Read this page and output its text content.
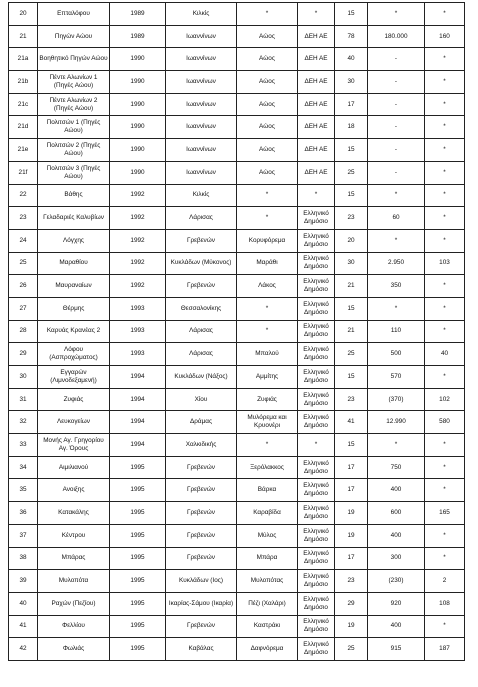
20	Επταλόφου	1989	Κιλκίς	*	*	15	*	*
21	Πηγών Αώου	1989	Ιωαννίνων	Αώος	ΔΕΗ ΑΕ	78	180.000	160
21a	Βοηθητικό Πηγών Αώου	1990	Ιωαννίνων	Αώος	ΔΕΗ ΑΕ	40	-	*
21b	Πέντε Αλωνίων 1 (Πηγές Αώου)	1990	Ιωαννίνων	Αώος	ΔΕΗ ΑΕ	30	-	*
21c	Πέντε Αλωνίων 2 (Πηγές Αώου)	1990	Ιωαννίνων	Αώος	ΔΕΗ ΑΕ	17	-	*
21d	Πολιτσών 1 (Πηγές Αώου)	1990	Ιωαννίνων	Αώος	ΔΕΗ ΑΕ	18	-	*
21e	Πολιτσών 2 (Πηγές Αώου)	1990	Ιωαννίνων	Αώος	ΔΕΗ ΑΕ	15	-	*
21f	Πολιτσών 3 (Πηγές Αώου)	1990	Ιωαννίνων	Αώος	ΔΕΗ ΑΕ	25	-	*
22	Βάθης	1992	Κιλκίς	*	*	15	*	*
23	Γελαδαριές Καλυβίων	1992	Λάρισας	*	Ελληνικό Δημόσιο	23	60	*
24	Λόγχης	1992	Γρεβενών	Κορυφόρεμα	Ελληνικό Δημόσιο	20	*	*
25	Μαραθίου	1992	Κυκλάδων (Μύκονος)	Μαράθι	Ελληνικό Δημόσιο	30	2.950	103
26	Μαυραναίων	1992	Γρεβενών	Λάκος	Ελληνικό Δημόσιο	21	350	*
27	Θέρμης	1993	Θεσσαλονίκης	*	Ελληνικό Δημόσιο	15	*	*
28	Καρυάς Κρανέας 2	1993	Λάρισας	*	Ελληνικό Δημόσιο	21	110	*
29	Λόφου (Ασπροχώματος)	1993	Λάρισας	Μπαλού	Ελληνικό Δημόσιο	25	500	40
30	Εγγαρών (Λιμνοδεξαμενή)	1994	Κυκλάδων (Νάξος)	Αμμίτης	Ελληνικό Δημόσιο	15	570	*
31	Ζυφιάς	1994	Χίου	Ζυφιάς	Ελληνικό Δημόσιο	23	(370)	102
32	Λευκογείων	1994	Δράμας	Μυλόρεμα και Κρυονέρι	Ελληνικό Δημόσιο	41	12.990	580
33	Μονής Αγ. Γρηγορίου Αγ. Όρους	1994	Χαλκιδικής	*	*	15	*	*
34	Αιμιλιανού	1995	Γρεβενών	Ξερόλακκος	Ελληνικό Δημόσιο	17	750	*
35	Ανοιξης	1995	Γρεβενών	Βάρκα	Ελληνικό Δημόσιο	17	400	*
36	Κατακάλης	1995	Γρεβενών	Καραβίδα	Ελληνικό Δημόσιο	19	600	165
37	Κέντρου	1995	Γρεβενών	Μύλος	Ελληνικό Δημόσιο	19	400	*
38	Μπάρας	1995	Γρεβενών	Μπάρα	Ελληνικό Δημόσιο	17	300	*
39	Μυλοπότα	1995	Κυκλάδων (Ιος)	Μυλοπότας	Ελληνικό Δημόσιο	23	(230)	2
40	Ραχών (Πεζίου)	1995	Ικαρίας-Σάμου (Ικαρία)	Πέζι (Χαλάρι)	Ελληνικό Δημόσιο	29	920	108
41	Φελλίου	1995	Γρεβενών	Καστράκι	Ελληνικό Δημόσιο	19	400	*
42	Φωλιάς	1995	Καβάλας	Δαφνόρεμα	Ελληνικό Δημόσιο	25	915	187
